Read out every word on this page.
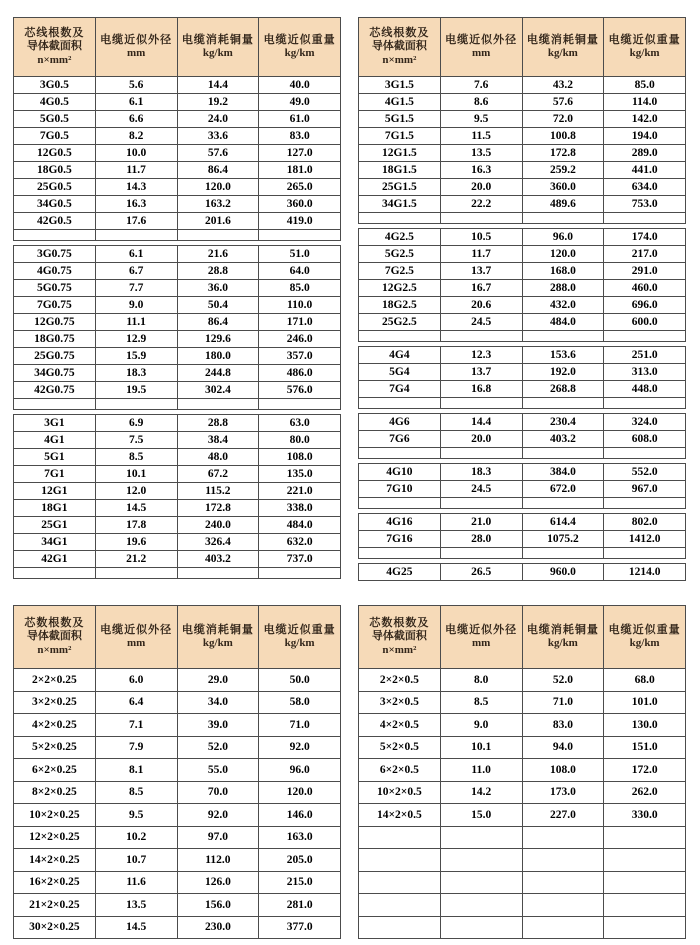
芯线根数及
导体截面积
n×mm²

电缆近似外径
mm

电缆消耗铜量
kg/km

电缆近似重量
kg/km

3G0.5	5.6	14.4	40.0
4G0.5	6.1	19.2	49.0
5G0.5	6.6	24.0	61.0
7G0.5	8.2	33.6	83.0
12G0.5	10.0	57.6	127.0
18G0.5	11.7	86.4	181.0
25G0.5	14.3	120.0	265.0
34G0.5	16.3	163.2	360.0
42G0.5	17.6	201.6	419.0

3G0.75	6.1	21.6	51.0
4G0.75	6.7	28.8	64.0
5G0.75	7.7	36.0	85.0
7G0.75	9.0	50.4	110.0
12G0.75	11.1	86.4	171.0
18G0.75	12.9	129.6	246.0
25G0.75	15.9	180.0	357.0
34G0.75	18.3	244.8	486.0
42G0.75	19.5	302.4	576.0

3G1	6.9	28.8	63.0
4G1	7.5	38.4	80.0
5G1	8.5	48.0	108.0
7G1	10.1	67.2	135.0
12G1	12.0	115.2	221.0
18G1	14.5	172.8	338.0
25G1	17.8	240.0	484.0
34G1	19.6	326.4	632.0
42G1	21.2	403.2	737.0

芯线根数及
导体截面积
n×mm²

电缆近似外径
mm

电缆消耗铜量
kg/km

电缆近似重量
kg/km

3G1.5	7.6	43.2	85.0
4G1.5	8.6	57.6	114.0
5G1.5	9.5	72.0	142.0
7G1.5	11.5	100.8	194.0
12G1.5	13.5	172.8	289.0
18G1.5	16.3	259.2	441.0
25G1.5	20.0	360.0	634.0
34G1.5	22.2	489.6	753.0

4G2.5	10.5	96.0	174.0
5G2.5	11.7	120.0	217.0
7G2.5	13.7	168.0	291.0
12G2.5	16.7	288.0	460.0
18G2.5	20.6	432.0	696.0
25G2.5	24.5	484.0	600.0

4G4	12.3	153.6	251.0
5G4	13.7	192.0	313.0
7G4	16.8	268.8	448.0

4G6	14.4	230.4	324.0
7G6	20.0	403.2	608.0

4G10	18.3	384.0	552.0
7G10	24.5	672.0	967.0

4G16	21.0	614.4	802.0
7G16	28.0	1075.2	1412.0

4G25	26.5	960.0	1214.0
芯数根数及
导体截面积
n×mm²

电缆近似外径
mm

电缆消耗铜量
kg/km

电缆近似重量
kg/km

2×2×0.25	6.0	29.0	50.0
3×2×0.25	6.4	34.0	58.0
4×2×0.25	7.1	39.0	71.0
5×2×0.25	7.9	52.0	92.0
6×2×0.25	8.1	55.0	96.0
8×2×0.25	8.5	70.0	120.0
10×2×0.25	9.5	92.0	146.0
12×2×0.25	10.2	97.0	163.0
14×2×0.25	10.7	112.0	205.0
16×2×0.25	11.6	126.0	215.0
21×2×0.25	13.5	156.0	281.0
30×2×0.25	14.5	230.0	377.0
芯数根数及
导体截面积
n×mm²

电缆近似外径
mm

电缆消耗铜量
kg/km

电缆近似重量
kg/km

2×2×0.5	8.0	52.0	68.0
3×2×0.5	8.5	71.0	101.0
4×2×0.5	9.0	83.0	130.0
5×2×0.5	10.1	94.0	151.0
6×2×0.5	11.0	108.0	172.0
10×2×0.5	14.2	173.0	262.0
14×2×0.5	15.0	227.0	330.0
